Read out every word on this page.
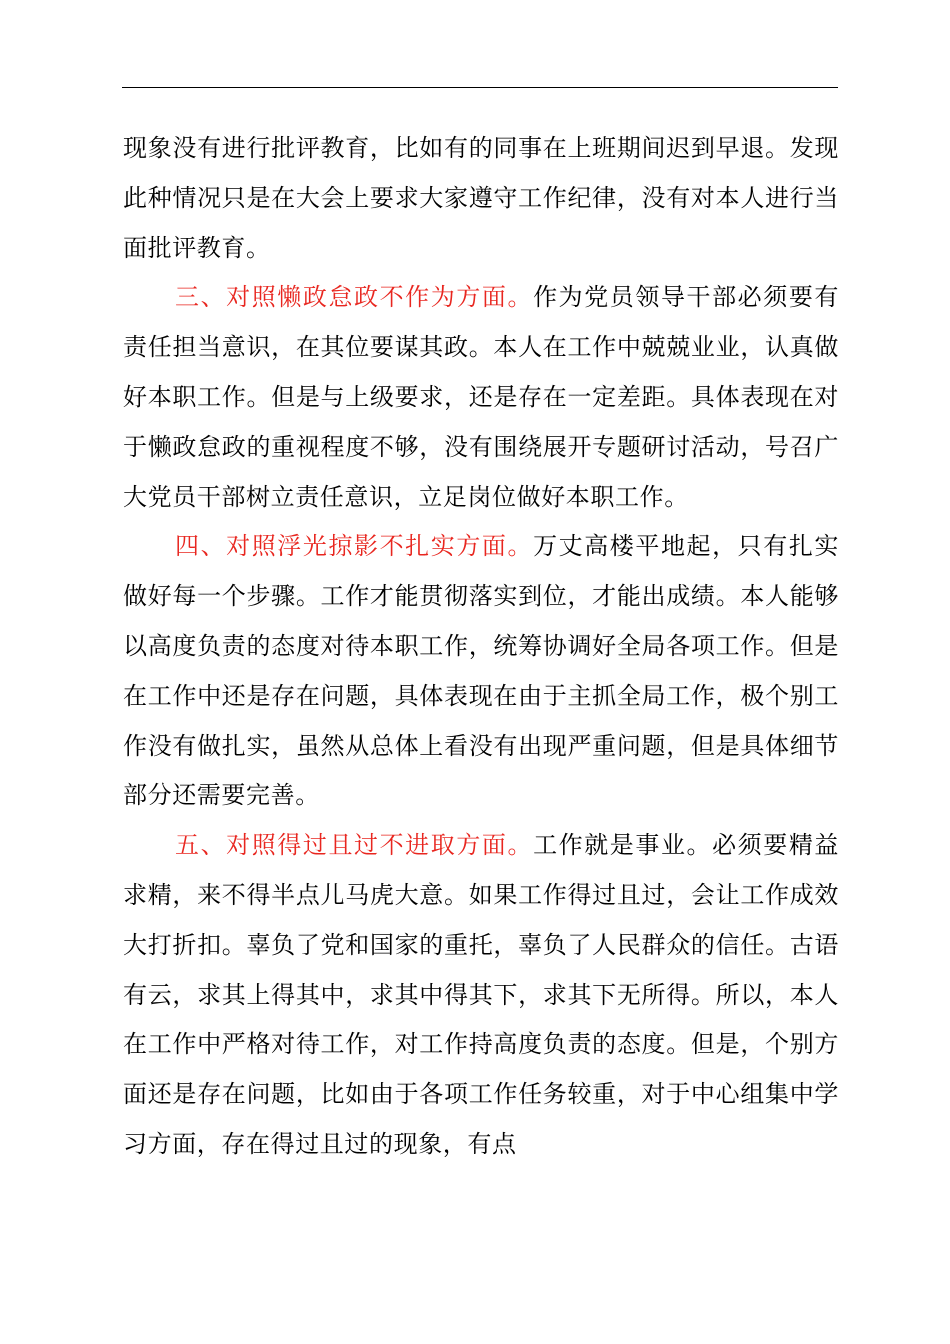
现象没有进行批评教育，比如有的同事在上班期间迟到早退。发现此种情况只是在大会上要求大家遵守工作纪律，没有对本人进行当面批评教育。

三、对照懒政怠政不作为方面。作为党员领导干部必须要有责任担当意识，在其位要谋其政。本人在工作中兢兢业业，认真做好本职工作。但是与上级要求，还是存在一定差距。具体表现在对于懒政怠政的重视程度不够，没有围绕展开专题研讨活动，号召广大党员干部树立责任意识，立足岗位做好本职工作。

四、对照浮光掠影不扎实方面。万丈高楼平地起，只有扎实做好每一个步骤。工作才能贯彻落实到位，才能出成绩。本人能够以高度负责的态度对待本职工作，统筹协调好全局各项工作。但是在工作中还是存在问题，具体表现在由于主抓全局工作，极个别工作没有做扎实，虽然从总体上看没有出现严重问题，但是具体细节部分还需要完善。

五、对照得过且过不进取方面。工作就是事业。必须要精益求精，来不得半点儿马虎大意。如果工作得过且过，会让工作成效大打折扣。辜负了党和国家的重托，辜负了人民群众的信任。古语有云，求其上得其中，求其中得其下，求其下无所得。所以，本人在工作中严格对待工作，对工作持高度负责的态度。但是，个别方面还是存在问题，比如由于各项工作任务较重，对于中心组集中学习方面，存在得过且过的现象，有点
